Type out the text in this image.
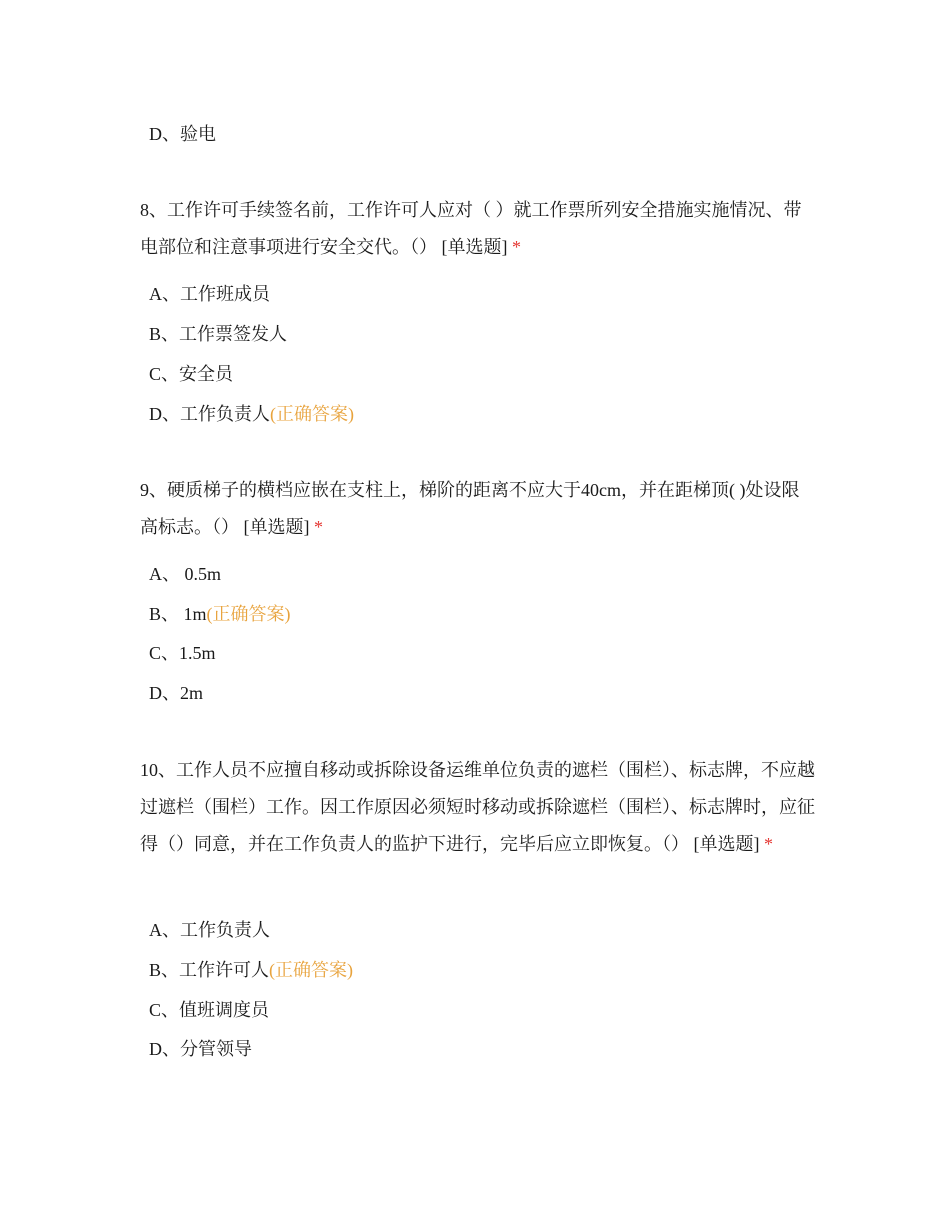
D、验电
8、工作许可手续签名前，工作许可人应对（ ）就工作票所列安全措施实施情况、带电部位和注意事项进行安全交代。（） [单选题] *
A、工作班成员
B、工作票签发人
C、安全员
D、工作负责人(正确答案)
9、硬质梯子的横档应嵌在支柱上，梯阶的距离不应大于40cm，并在距梯顶( )处设限高标志。（） [单选题] *
A、 0.5m
B、 1m(正确答案)
C、1.5m
D、2m
10、工作人员不应擅自移动或拆除设备运维单位负责的遮栏（围栏）、标志牌，不应越过遮栏（围栏）工作。因工作原因必须短时移动或拆除遮栏（围栏）、标志牌时，应征得（）同意，并在工作负责人的监护下进行，完毕后应立即恢复。（） [单选题] *
A、工作负责人
B、工作许可人(正确答案)
C、值班调度员
D、分管领导
